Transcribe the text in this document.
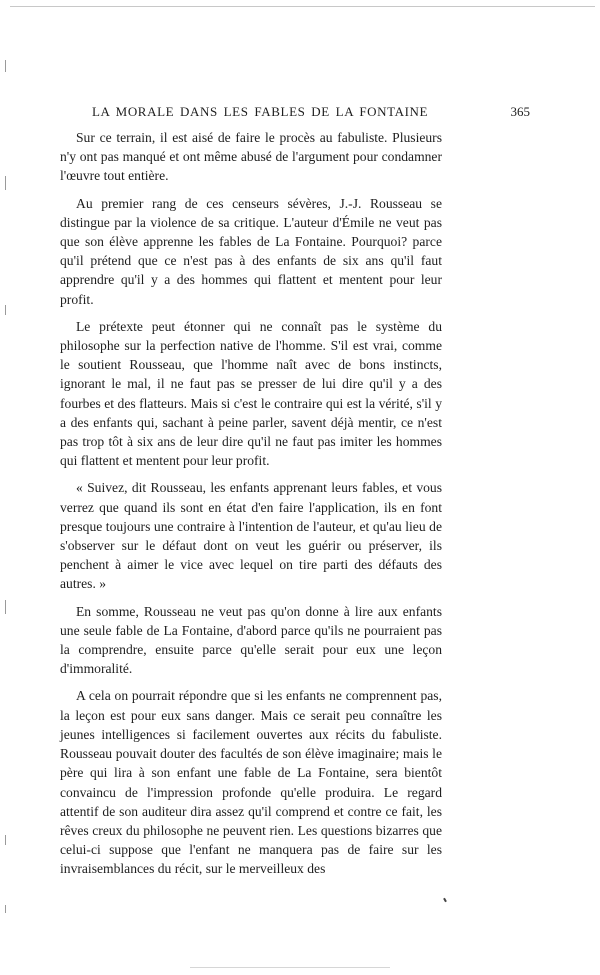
LA MORALE DANS LES FABLES DE LA FONTAINE	365

Sur ce terrain, il est aisé de faire le procès au fabuliste. Plusieurs n'y ont pas manqué et ont même abusé de l'argument pour condamner l'œuvre tout entière.

Au premier rang de ces censeurs sévères, J.-J. Rousseau se distingue par la violence de sa critique. L'auteur d'Émile ne veut pas que son élève apprenne les fables de La Fontaine. Pourquoi? parce qu'il prétend que ce n'est pas à des enfants de six ans qu'il faut apprendre qu'il y a des hommes qui flattent et mentent pour leur profit.

Le prétexte peut étonner qui ne connaît pas le système du philosophe sur la perfection native de l'homme. S'il est vrai, comme le soutient Rousseau, que l'homme naît avec de bons instincts, ignorant le mal, il ne faut pas se presser de lui dire qu'il y a des fourbes et des flatteurs. Mais si c'est le contraire qui est la vérité, s'il y a des enfants qui, sachant à peine parler, savent déjà mentir, ce n'est pas trop tôt à six ans de leur dire qu'il ne faut pas imiter les hommes qui flattent et mentent pour leur profit.

« Suivez, dit Rousseau, les enfants apprenant leurs fables, et vous verrez que quand ils sont en état d'en faire l'application, ils en font presque toujours une contraire à l'intention de l'auteur, et qu'au lieu de s'observer sur le défaut dont on veut les guérir ou préserver, ils penchent à aimer le vice avec lequel on tire parti des défauts des autres. »

En somme, Rousseau ne veut pas qu'on donne à lire aux enfants une seule fable de La Fontaine, d'abord parce qu'ils ne pourraient pas la comprendre, ensuite parce qu'elle serait pour eux une leçon d'immoralité.

A cela on pourrait répondre que si les enfants ne comprennent pas, la leçon est pour eux sans danger. Mais ce serait peu connaître les jeunes intelligences si facilement ouvertes aux récits du fabuliste. Rousseau pouvait douter des facultés de son élève imaginaire; mais le père qui lira à son enfant une fable de La Fontaine, sera bientôt convaincu de l'impression profonde qu'elle produira. Le regard attentif de son auditeur dira assez qu'il comprend et contre ce fait, les rêves creux du philosophe ne peuvent rien. Les questions bizarres que celui-ci suppose que l'enfant ne manquera pas de faire sur les invraisemblances du récit, sur le merveilleux des
